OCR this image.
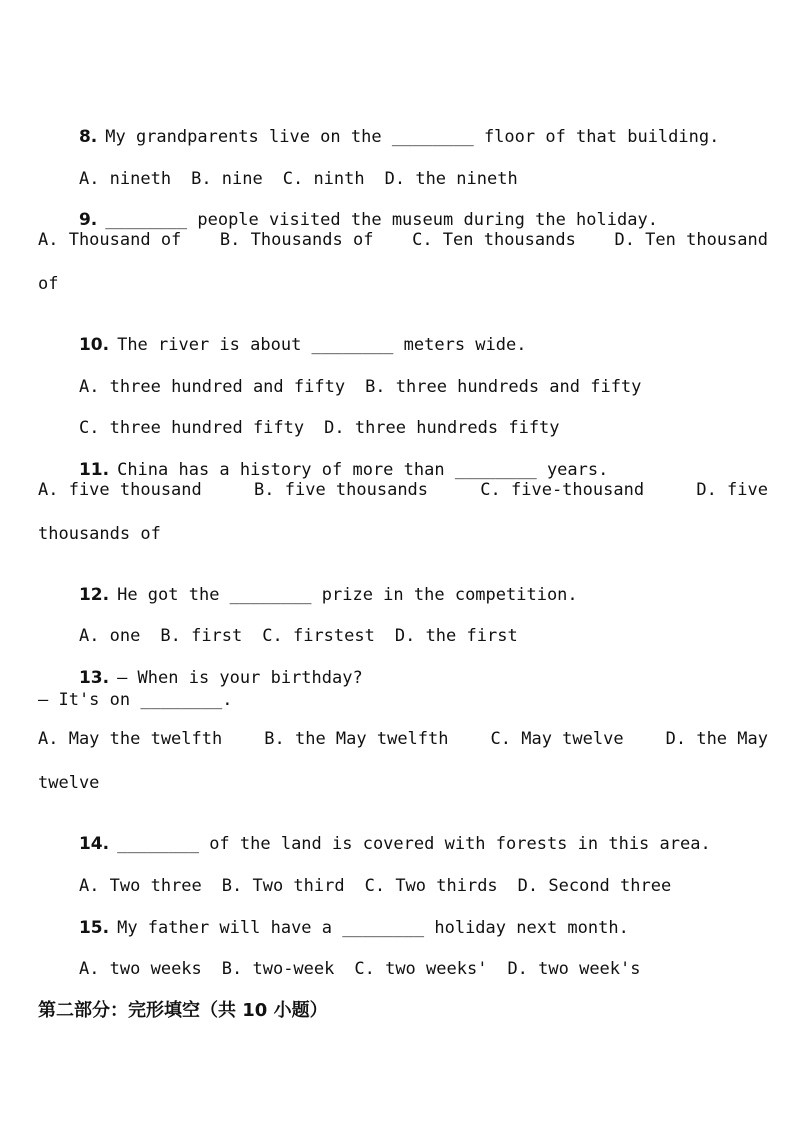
8. My grandparents live on the ________ floor of that building.

A. nineth B. nine C. ninth D. the nineth

9. ________ people visited the museum during the holiday.

A. Thousand of B. Thousands of C. Ten thousands D. Ten thousand
of

10. The river is about ________ meters wide.

A. three hundred and fifty B. three hundreds and fifty

C. three hundred fifty D. three hundreds fifty

11. China has a history of more than ________ years.

A. five thousand	B. five thousands	C. five-thousand	D. five
thousands of

12. He got the ________ prize in the competition.

A. one B. first C. firstest D. the first

13. — When is your birthday?

— It's on ________.
A. May the twelfth B. the May twelfth C. May twelve D. the May
twelve

14. ________ of the land is covered with forests in this area.

A. Two three B. Two third C. Two thirds D. Second three

15. My father will have a ________ holiday next month.

A. two weeks B. two-week C. two weeks' D. two week's

第二部分：完形填空（共 10 小题）
